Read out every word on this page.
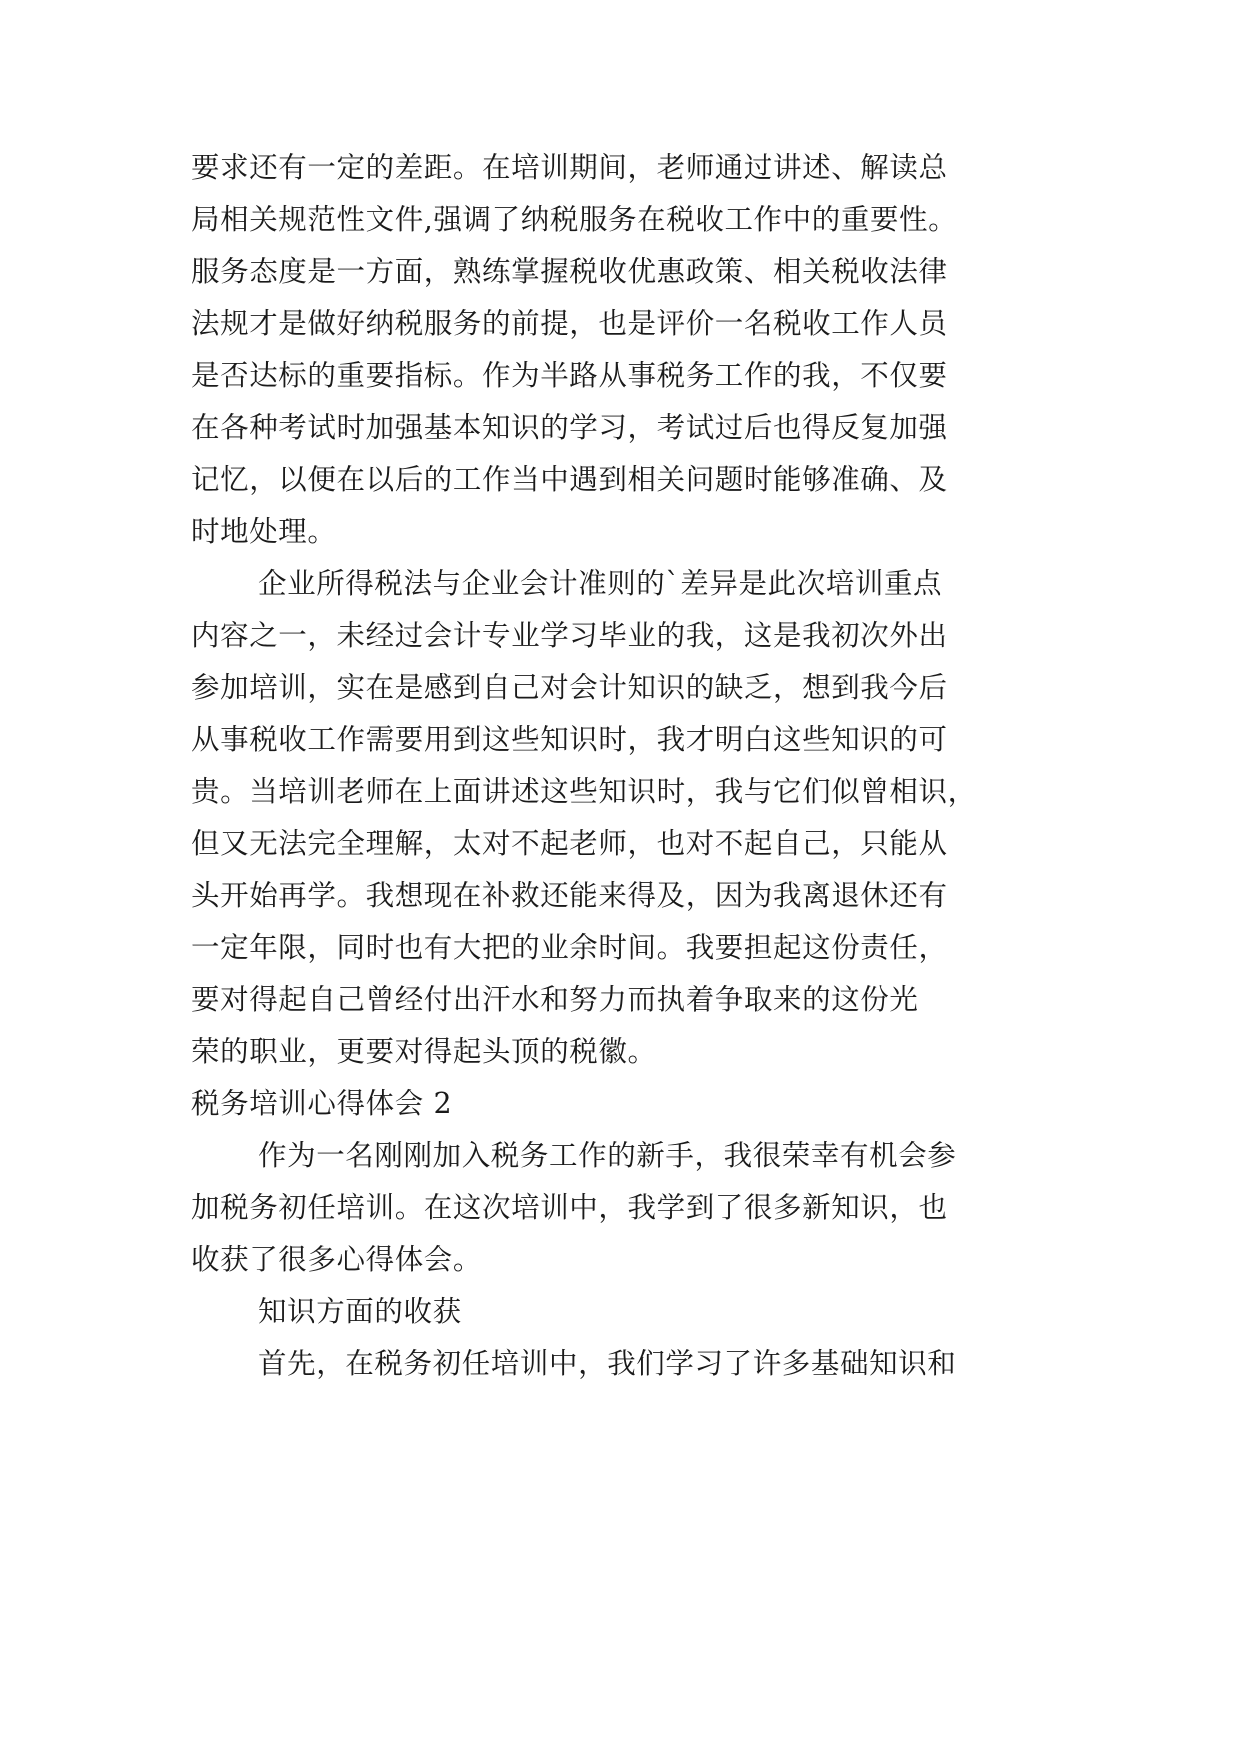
要求还有一定的差距。在培训期间，老师通过讲述、解读总
局相关规范性文件,强调了纳税服务在税收工作中的重要性。
服务态度是一方面，熟练掌握税收优惠政策、相关税收法律
法规才是做好纳税服务的前提，也是评价一名税收工作人员
是否达标的重要指标。作为半路从事税务工作的我，不仅要
在各种考试时加强基本知识的学习，考试过后也得反复加强
记忆，以便在以后的工作当中遇到相关问题时能够准确、及
时地处理。
企业所得税法与企业会计准则的`差异是此次培训重点
内容之一，未经过会计专业学习毕业的我，这是我初次外出
参加培训，实在是感到自己对会计知识的缺乏，想到我今后
从事税收工作需要用到这些知识时，我才明白这些知识的可
贵。当培训老师在上面讲述这些知识时，我与它们似曾相识，
但又无法完全理解，太对不起老师，也对不起自己，只能从
头开始再学。我想现在补救还能来得及，因为我离退休还有
一定年限，同时也有大把的业余时间。我要担起这份责任，
要对得起自己曾经付出汗水和努力而执着争取来的这份光
荣的职业，更要对得起头顶的税徽。
税务培训心得体会 2
作为一名刚刚加入税务工作的新手，我很荣幸有机会参
加税务初任培训。在这次培训中，我学到了很多新知识，也
收获了很多心得体会。
知识方面的收获
首先，在税务初任培训中，我们学习了许多基础知识和
